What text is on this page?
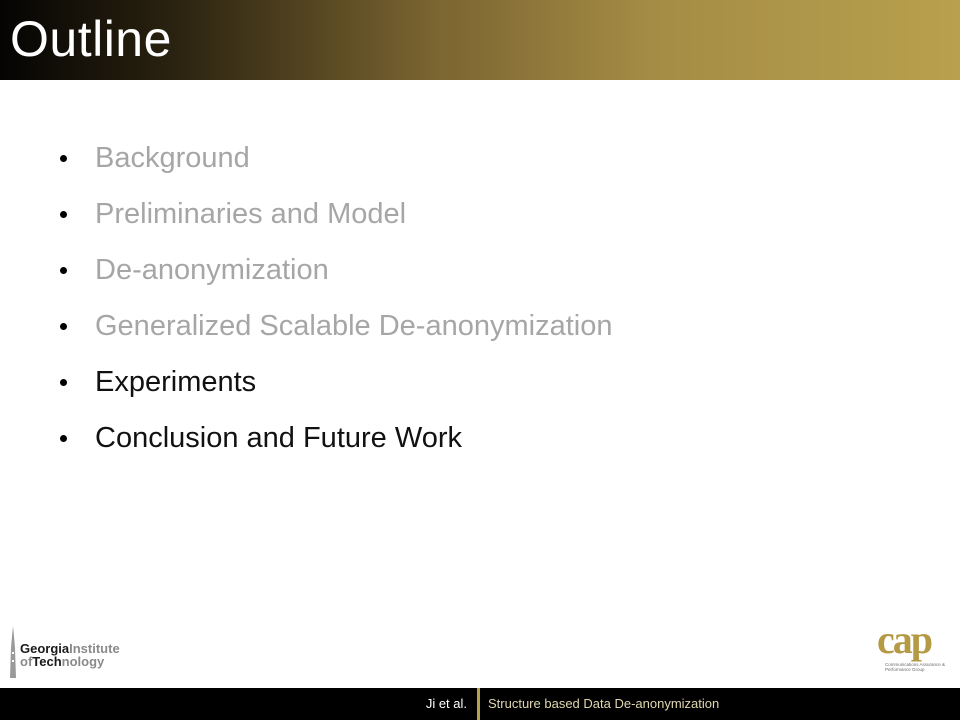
Outline
Background
Preliminaries and Model
De-anonymization
Generalized Scalable De-anonymization
Experiments
Conclusion and Future Work
GeorgiaInstitute
ofTechnology	cap
Communications Assurance & Performance Group
Ji et al.	Structure based Data De-anonymization
